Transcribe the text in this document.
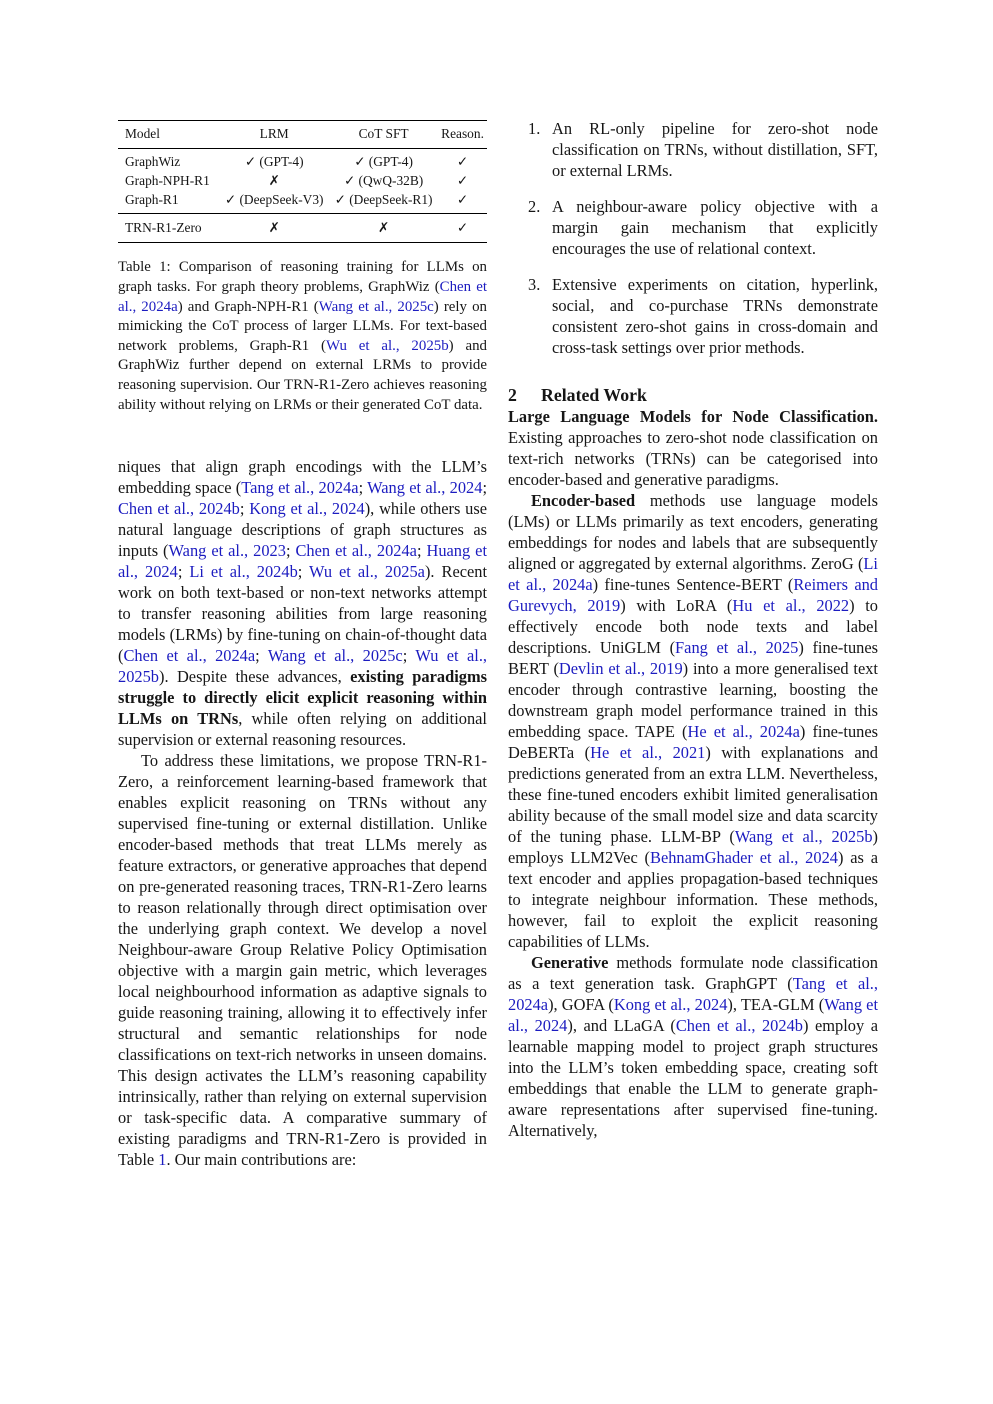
Model	LRM	CoT SFT	Reason.
GraphWiz	✓ (GPT-4)	✓ (GPT-4)	✓
Graph-NPH-R1	✗	✓ (QwQ-32B)	✓
Graph-R1	✓ (DeepSeek-V3)	✓ (DeepSeek-R1)	✓
TRN-R1-Zero	✗	✗	✓
Table 1: Comparison of reasoning training for LLMs on graph tasks. For graph theory problems, GraphWiz (Chen et al., 2024a) and Graph-NPH-R1 (Wang et al., 2025c) rely on mimicking the CoT process of larger LLMs. For text-based network problems, Graph-R1 (Wu et al., 2025b) and GraphWiz further depend on external LRMs to provide reasoning supervision. Our TRN-R1-Zero achieves reasoning ability without relying on LRMs or their generated CoT data.

niques that align graph encodings with the LLM’s embedding space (Tang et al., 2024a; Wang et al., 2024; Chen et al., 2024b; Kong et al., 2024), while others use natural language descriptions of graph structures as inputs (Wang et al., 2023; Chen et al., 2024a; Huang et al., 2024; Li et al., 2024b; Wu et al., 2025a). Recent work on both text-based or non-text networks attempt to transfer reasoning abilities from large reasoning models (LRMs) by fine-tuning on chain-of-thought data (Chen et al., 2024a; Wang et al., 2025c; Wu et al., 2025b). Despite these advances, existing paradigms struggle to directly elicit explicit reasoning within LLMs on TRNs, while often relying on additional supervision or external reasoning resources.

To address these limitations, we propose TRN-R1-Zero, a reinforcement learning-based framework that enables explicit reasoning on TRNs without any supervised fine-tuning or external distillation. Unlike encoder-based methods that treat LLMs merely as feature extractors, or generative approaches that depend on pre-generated reasoning traces, TRN-R1-Zero learns to reason relationally through direct optimisation over the underlying graph context. We develop a novel Neighbour-aware Group Relative Policy Optimisation objective with a margin gain metric, which leverages local neighbourhood information as adaptive signals to guide reasoning training, allowing it to effectively infer structural and semantic relationships for node classifications on text-rich networks in unseen domains. This design activates the LLM’s reasoning capability intrinsically, rather than relying on external supervision or task-specific data. A comparative summary of existing paradigms and TRN-R1-Zero is provided in Table 1. Our main contributions are:

1. An RL-only pipeline for zero-shot node classification on TRNs, without distillation, SFT, or external LRMs.
2. A neighbour-aware policy objective with a margin gain mechanism that explicitly encourages the use of relational context.
3. Extensive experiments on citation, hyperlink, social, and co-purchase TRNs demonstrate consistent zero-shot gains in cross-domain and cross-task settings over prior methods.
2	Related Work

Large Language Models for Node Classification. Existing approaches to zero-shot node classification on text-rich networks (TRNs) can be categorised into encoder-based and generative paradigms.

Encoder-based methods use language models (LMs) or LLMs primarily as text encoders, generating embeddings for nodes and labels that are subsequently aligned or aggregated by external algorithms. ZeroG (Li et al., 2024a) fine-tunes Sentence-BERT (Reimers and Gurevych, 2019) with LoRA (Hu et al., 2022) to effectively encode both node texts and label descriptions. UniGLM (Fang et al., 2025) fine-tunes BERT (Devlin et al., 2019) into a more generalised text encoder through contrastive learning, boosting the downstream graph model performance trained in this embedding space. TAPE (He et al., 2024a) fine-tunes DeBERTa (He et al., 2021) with explanations and predictions generated from an extra LLM. Nevertheless, these fine-tuned encoders exhibit limited generalisation ability because of the small model size and data scarcity of the tuning phase. LLM-BP (Wang et al., 2025b) employs LLM2Vec (BehnamGhader et al., 2024) as a text encoder and applies propagation-based techniques to integrate neighbour information. These methods, however, fail to exploit the explicit reasoning capabilities of LLMs.

Generative methods formulate node classification as a text generation task. GraphGPT (Tang et al., 2024a), GOFA (Kong et al., 2024), TEA-GLM (Wang et al., 2024), and LLaGA (Chen et al., 2024b) employ a learnable mapping model to project graph structures into the LLM’s token embedding space, creating soft embeddings that enable the LLM to generate graph-aware representations after supervised fine-tuning. Alternatively,
